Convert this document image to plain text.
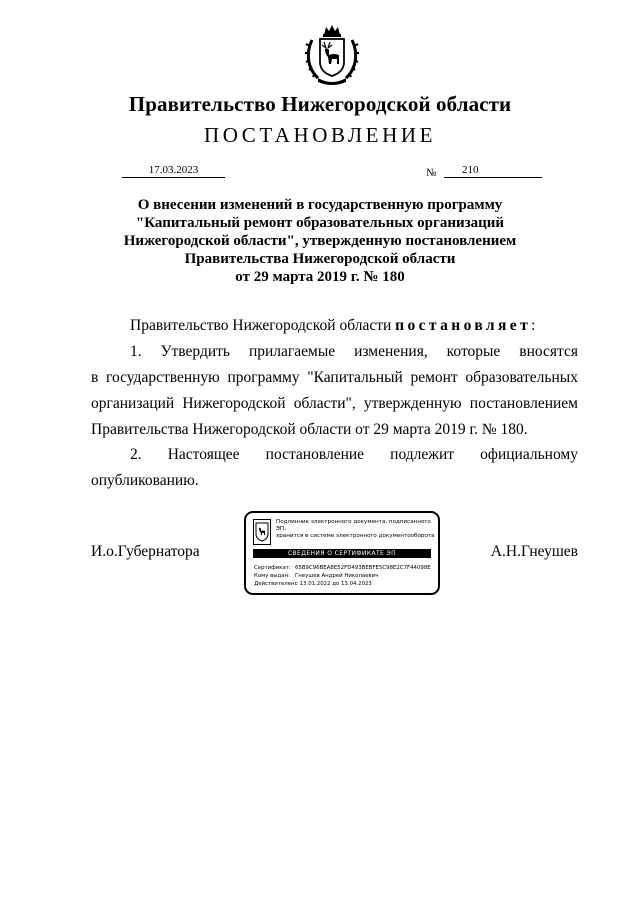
Правительство Нижегородской области
ПОСТАНОВЛЕНИЕ
17.03.2023	№	210
О внесении изменений в государственную программу
"Капитальный ремонт образовательных организаций
Нижегородской области", утвержденную постановлением
Правительства Нижегородской области
от 29 марта 2019 г. № 180
Правительство Нижегородской области постановляет:
1. Утвердить прилагаемые изменения, которые вносятся
в государственную программу "Капитальный ремонт образовательных
организаций Нижегородской области", утвержденную постановлением
Правительства Нижегородской области от 29 марта 2019 г. № 180.
2. Настоящее постановление подлежит официальному
опубликованию.
И.о.Губернатора
Подлинник электронного документа, подписанного ЭП,
хранится в системе электронного документооборота
СВЕДЕНИЯ О СЕРТИФИКАТЕ ЭП
Сертификат: 65B9C96BEA8E52FD493BEBFE5C98E2C7F44098E
Кому выдан: Гнеушев Андрей Николаевич
Действителен:с 13.01.2022 до 13.04.2023
А.Н.Гнеушев
